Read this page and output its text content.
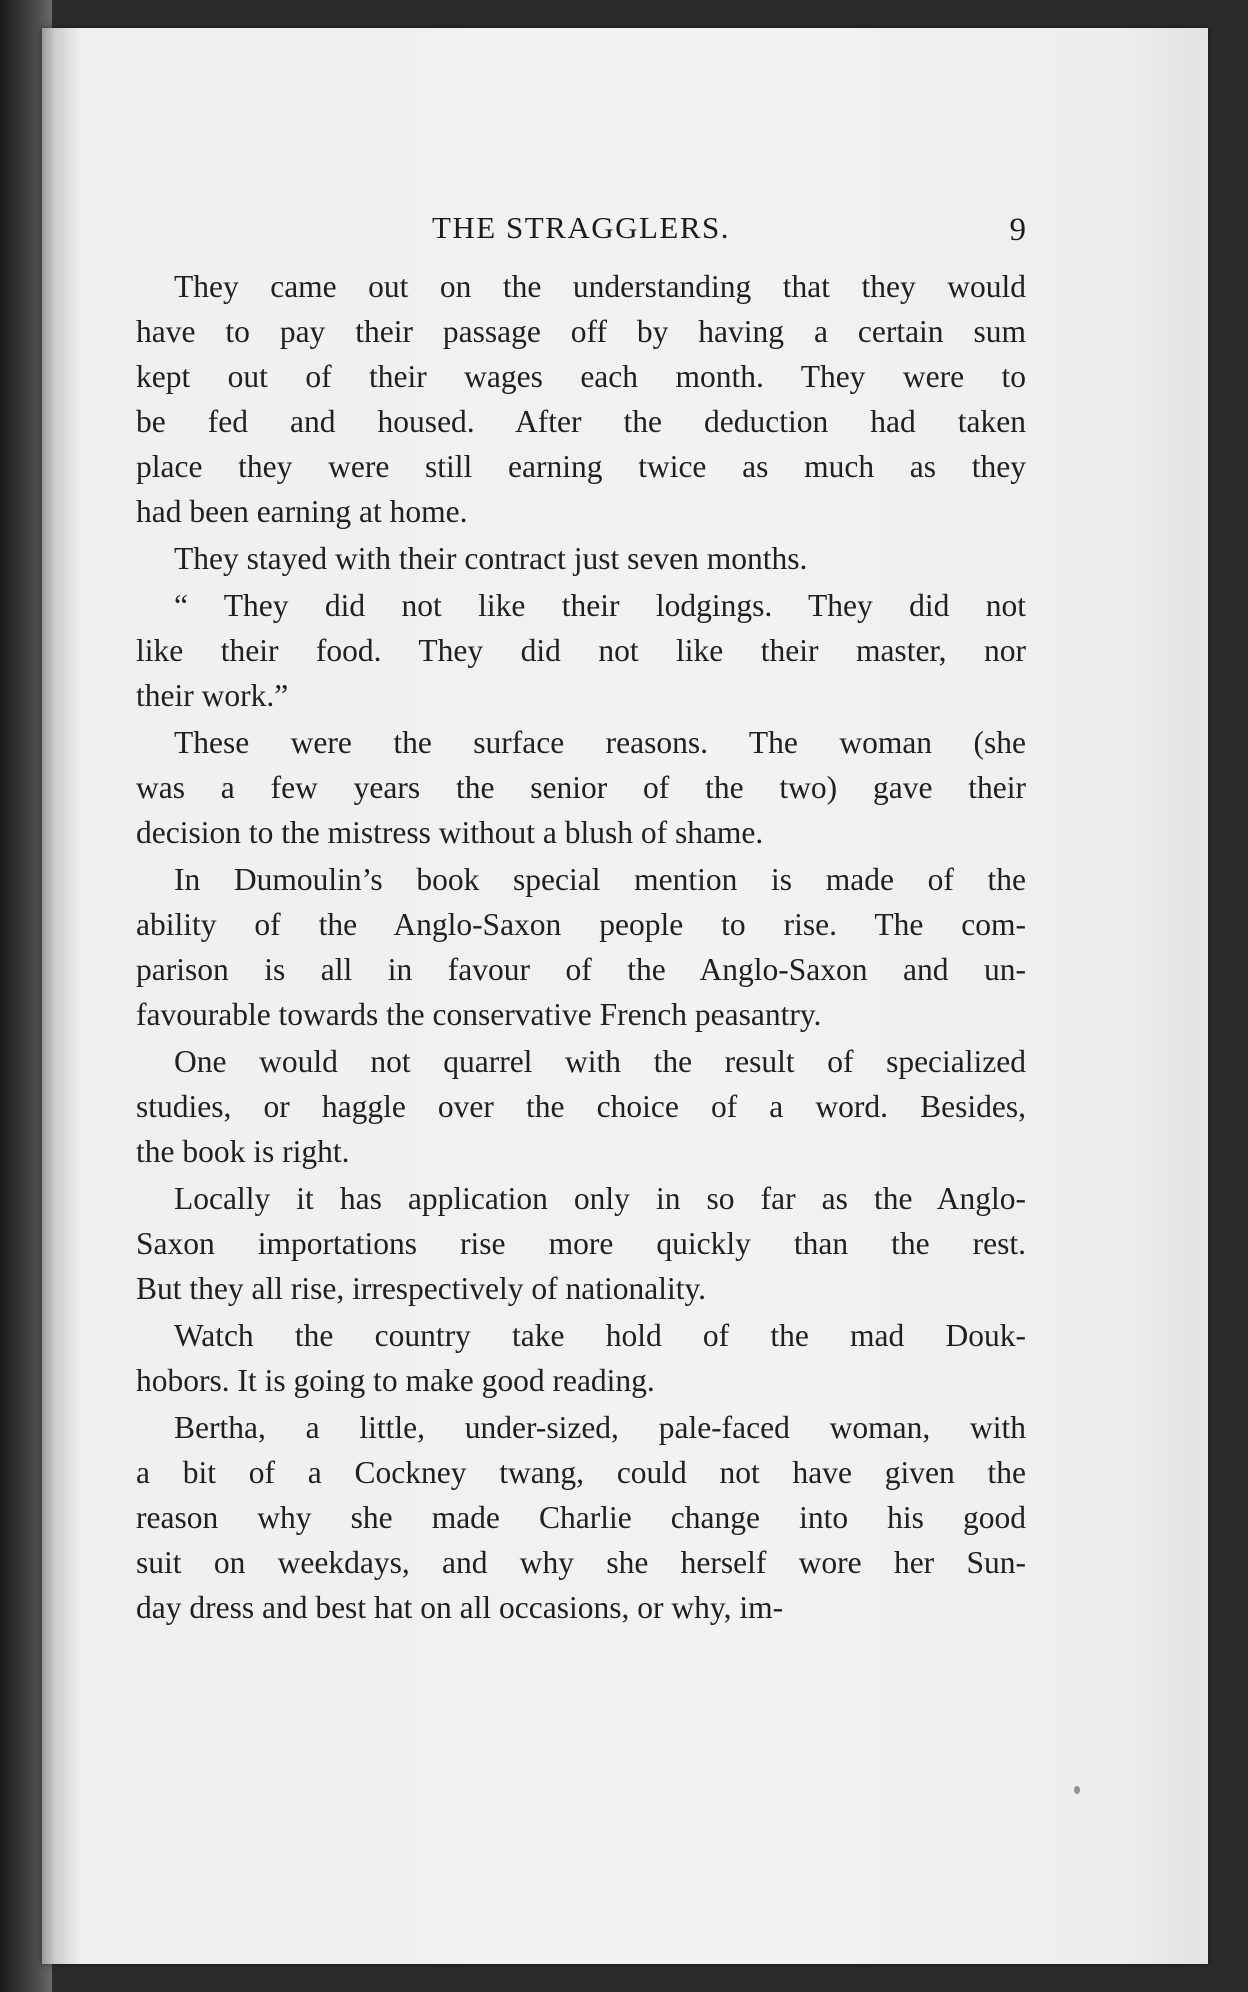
THE STRAGGLERS.	9
They came out on the understanding that they would
have to pay their passage off by having a certain sum
kept out of their wages each month. They were to
be fed and housed. After the deduction had taken
place they were still earning twice as much as they
had been earning at home.
They stayed with their contract just seven months.
“ They did not like their lodgings. They did not
like their food. They did not like their master, nor
their work.”
These were the surface reasons. The woman (she
was a few years the senior of the two) gave their
decision to the mistress without a blush of shame.
In Dumoulin’s book special mention is made of the
ability of the Anglo-Saxon people to rise. The com-
parison is all in favour of the Anglo-Saxon and un-
favourable towards the conservative French peasantry.
One would not quarrel with the result of specialized
studies, or haggle over the choice of a word. Besides,
the book is right.
Locally it has application only in so far as the Anglo-
Saxon importations rise more quickly than the rest.
But they all rise, irrespectively of nationality.
Watch the country take hold of the mad Douk-
hobors. It is going to make good reading.
Bertha, a little, under-sized, pale-faced woman, with
a bit of a Cockney twang, could not have given the
reason why she made Charlie change into his good
suit on weekdays, and why she herself wore her Sun-
day dress and best hat on all occasions, or why, im-
